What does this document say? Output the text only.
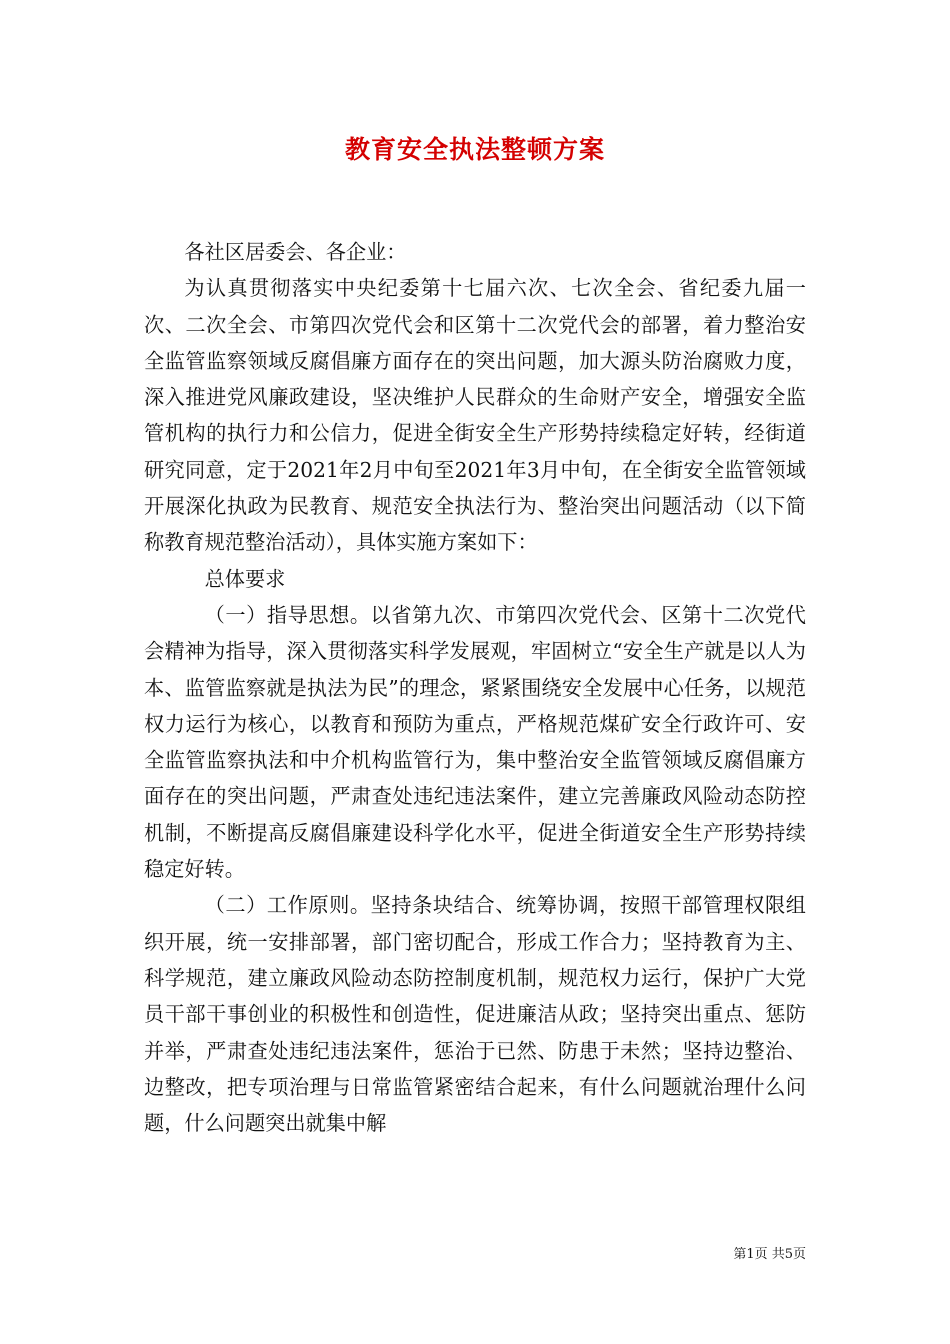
教育安全执法整顿方案

各社区居委会、各企业：

为认真贯彻落实中央纪委第十七届六次、七次全会、省纪委九届一次、二次全会、市第四次党代会和区第十二次党代会的部署，着力整治安全监管监察领域反腐倡廉方面存在的突出问题，加大源头防治腐败力度，深入推进党风廉政建设，坚决维护人民群众的生命财产安全，增强安全监管机构的执行力和公信力，促进全街安全生产形势持续稳定好转，经街道研究同意，定于2021年2月中旬至2021年3月中旬，在全街安全监管领域开展深化执政为民教育、规范安全执法行为、整治突出问题活动（以下简称教育规范整治活动），具体实施方案如下：

总体要求

（一）指导思想。以省第九次、市第四次党代会、区第十二次党代会精神为指导，深入贯彻落实科学发展观，牢固树立“安全生产就是以人为本、监管监察就是执法为民”的理念，紧紧围绕安全发展中心任务，以规范权力运行为核心，以教育和预防为重点，严格规范煤矿安全行政许可、安全监管监察执法和中介机构监管行为，集中整治安全监管领域反腐倡廉方面存在的突出问题，严肃查处违纪违法案件，建立完善廉政风险动态防控机制，不断提高反腐倡廉建设科学化水平，促进全街道安全生产形势持续稳定好转。

（二）工作原则。坚持条块结合、统筹协调，按照干部管理权限组织开展，统一安排部署，部门密切配合，形成工作合力；坚持教育为主、科学规范，建立廉政风险动态防控制度机制，规范权力运行，保护广大党员干部干事创业的积极性和创造性，促进廉洁从政；坚持突出重点、惩防并举，严肃查处违纪违法案件，惩治于已然、防患于未然；坚持边整治、边整改，把专项治理与日常监管紧密结合起来，有什么问题就治理什么问题，什么问题突出就集中解

第1页 共5页
